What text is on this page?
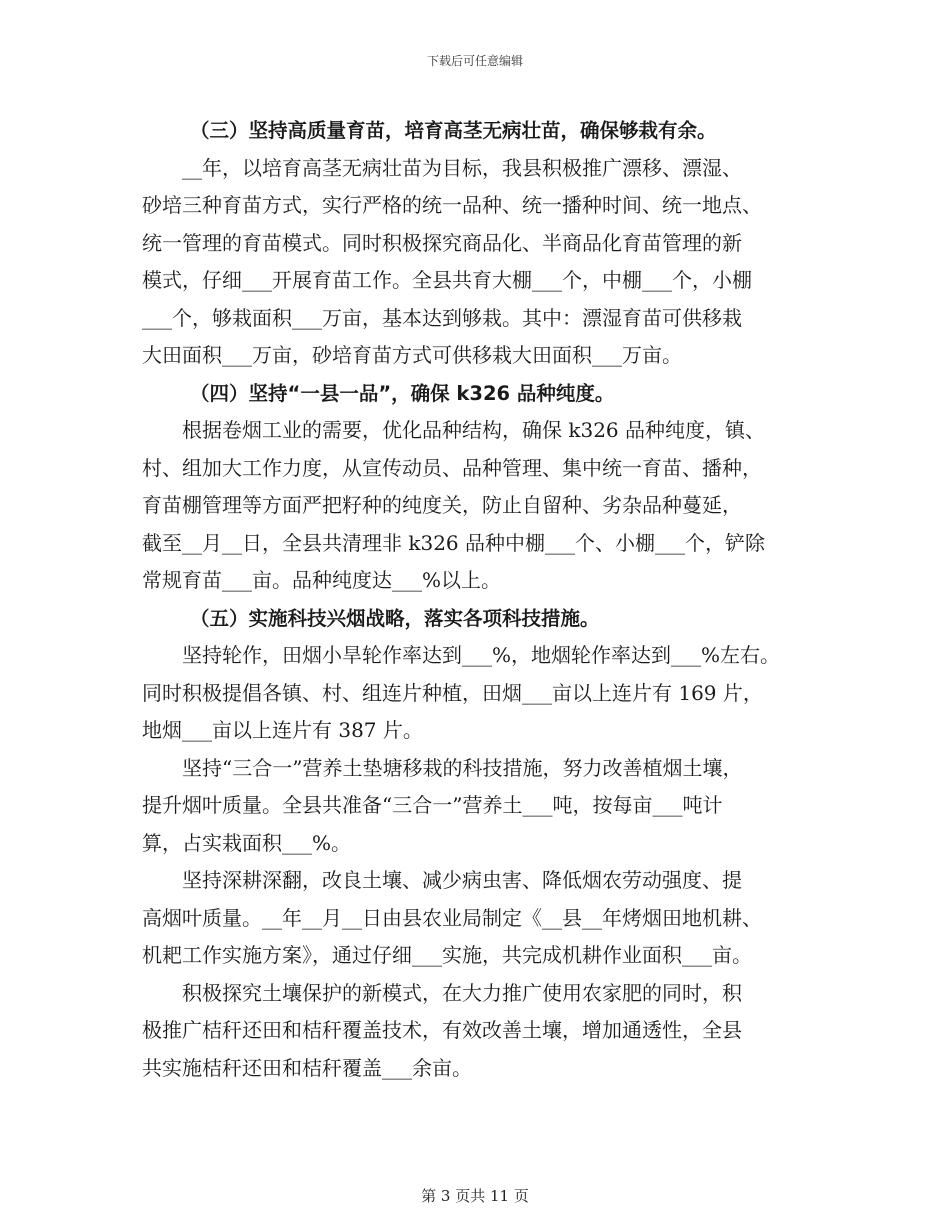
下载后可任意编辑
（三）坚持高质量育苗，培育高茎无病壮苗，确保够栽有余。
__年，以培育高茎无病壮苗为目标，我县积极推广漂移、漂湿、
砂培三种育苗方式，实行严格的统一品种、统一播种时间、统一地点、
统一管理的育苗模式。同时积极探究商品化、半商品化育苗管理的新
模式，仔细___开展育苗工作。全县共育大棚___个，中棚___个，小棚
___个，够栽面积___万亩，基本达到够栽。其中：漂湿育苗可供移栽
大田面积___万亩，砂培育苗方式可供移栽大田面积___万亩。
（四）坚持“一县一品”，确保 k326 品种纯度。
根据卷烟工业的需要，优化品种结构，确保 k326 品种纯度，镇、
村、组加大工作力度，从宣传动员、品种管理、集中统一育苗、播种，
育苗棚管理等方面严把籽种的纯度关，防止自留种、劣杂品种蔓延，
截至__月__日，全县共清理非 k326 品种中棚___个、小棚___个，铲除
常规育苗___亩。品种纯度达___%以上。
（五）实施科技兴烟战略，落实各项科技措施。
坚持轮作，田烟小旱轮作率达到___%，地烟轮作率达到___%左右。
同时积极提倡各镇、村、组连片种植，田烟___亩以上连片有 169 片，
地烟___亩以上连片有 387 片。
坚持“三合一”营养土垫塘移栽的科技措施，努力改善植烟土壤，
提升烟叶质量。全县共准备“三合一”营养土___吨，按每亩___吨计
算，占实栽面积___%。
坚持深耕深翻，改良土壤、减少病虫害、降低烟农劳动强度、提
高烟叶质量。__年__月__日由县农业局制定《__县__年烤烟田地机耕、
机耙工作实施方案》，通过仔细___实施，共完成机耕作业面积___亩。
积极探究土壤保护的新模式，在大力推广使用农家肥的同时，积
极推广桔秆还田和桔秆覆盖技术，有效改善土壤，增加通透性，全县
共实施桔秆还田和桔秆覆盖___余亩。
第 3 页共 11 页
